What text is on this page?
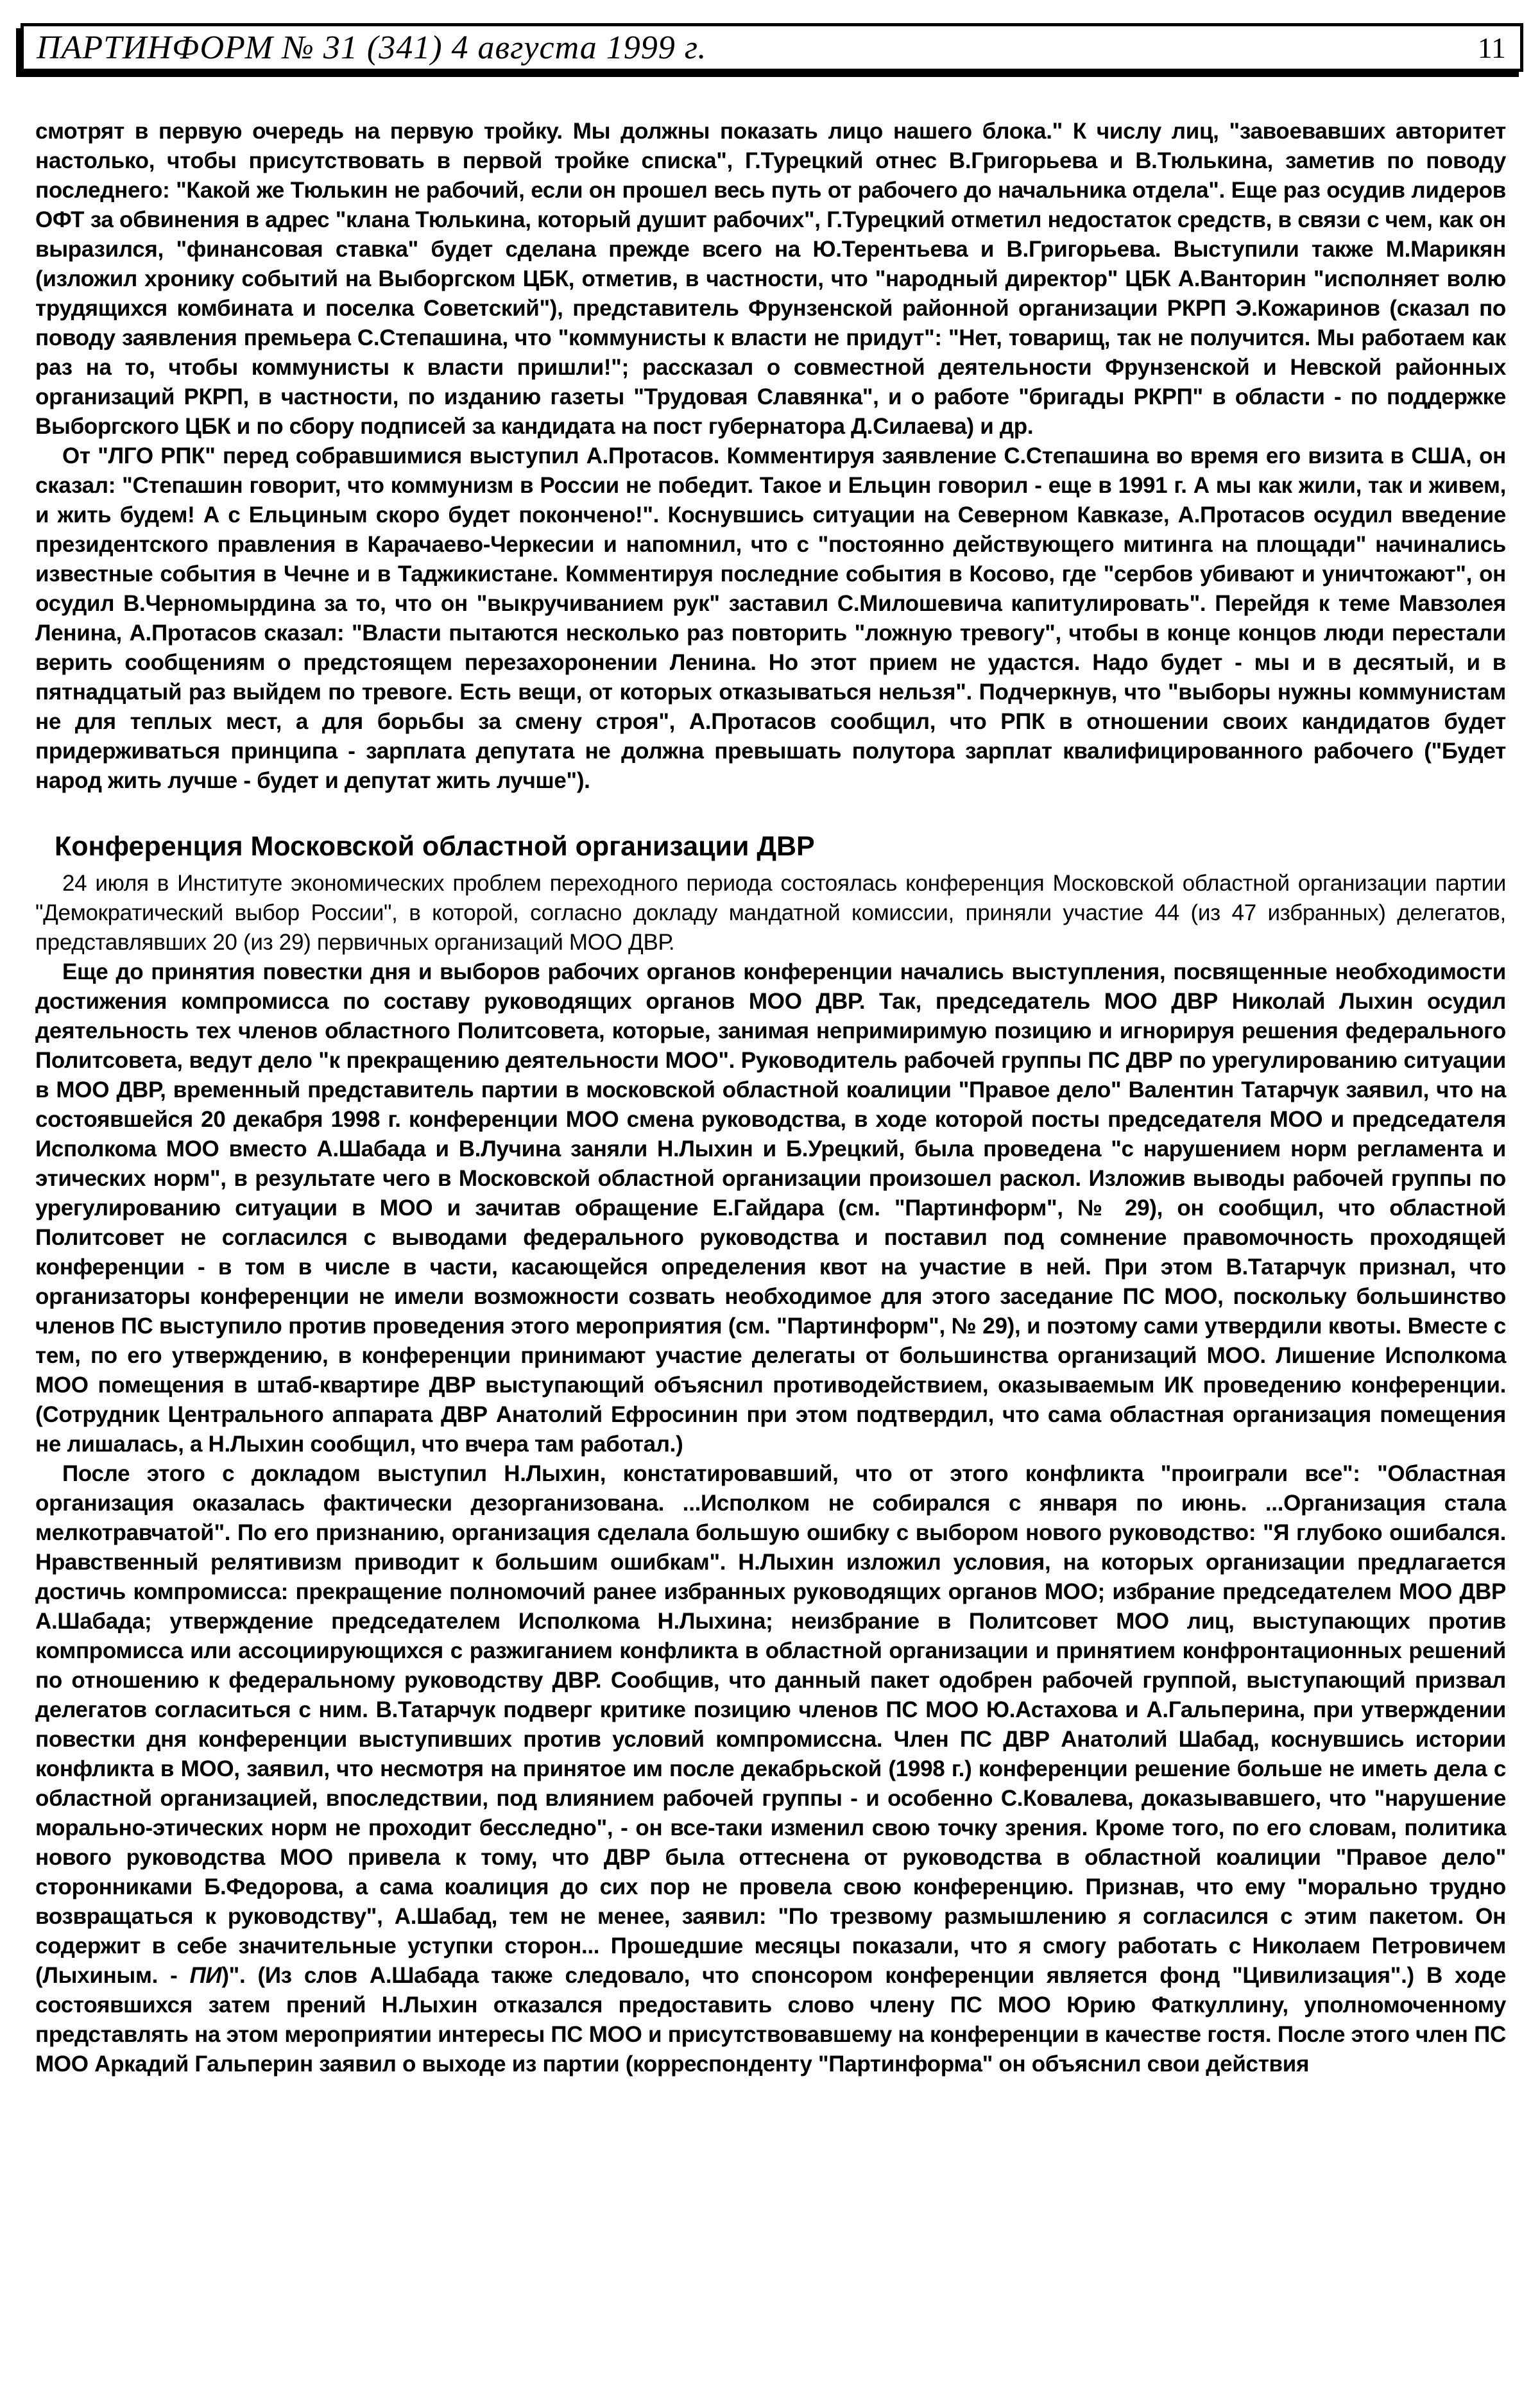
ПАРТИНФОРМ № 31 (341) 4 августа 1999 г.	11

смотрят в первую очередь на первую тройку. Мы должны показать лицо нашего блока." К числу лиц, "завоевавших авторитет настолько, чтобы присутствовать в первой тройке списка", Г.Турецкий отнес В.Григорьева и В.Тюлькина, заметив по поводу последнего: "Какой же Тюлькин не рабочий, если он прошел весь путь от рабочего до начальника отдела". Еще раз осудив лидеров ОФТ за обвинения в адрес "клана Тюлькина, который душит рабочих", Г.Турецкий отметил недостаток средств, в связи с чем, как он выразился, "финансовая ставка" будет сделана прежде всего на Ю.Терентьева и В.Григорьева. Выступили также М.Марикян (изложил хронику событий на Выборгском ЦБК, отметив, в частности, что "народный директор" ЦБК А.Ванторин "исполняет волю трудящихся комбината и поселка Советский"), представитель Фрунзенской районной организации РКРП Э.Кожаринов (сказал по поводу заявления премьера С.Степашина, что "коммунисты к власти не придут": "Нет, товарищ, так не получится. Мы работаем как раз на то, чтобы коммунисты к власти пришли!"; рассказал о совместной деятельности Фрунзенской и Невской районных организаций РКРП, в частности, по изданию газеты "Трудовая Славянка", и о работе "бригады РКРП" в области - по поддержке Выборгского ЦБК и по сбору подписей за кандидата на пост губернатора Д.Силаева) и др.

От "ЛГО РПК" перед собравшимися выступил А.Протасов. Комментируя заявление С.Степашина во время его визита в США, он сказал: "Степашин говорит, что коммунизм в России не победит. Такое и Ельцин говорил - еще в 1991 г. А мы как жили, так и живем, и жить будем! А с Ельциным скоро будет покончено!". Коснувшись ситуации на Северном Кавказе, А.Протасов осудил введение президентского правления в Карачаево-Черкесии и напомнил, что с "постоянно действующего митинга на площади" начинались известные события в Чечне и в Таджикистане. Комментируя последние события в Косово, где "сербов убивают и уничтожают", он осудил В.Черномырдина за то, что он "выкручиванием рук" заставил С.Милошевича капитулировать". Перейдя к теме Мавзолея Ленина, А.Протасов сказал: "Власти пытаются несколько раз повторить "ложную тревогу", чтобы в конце концов люди перестали верить сообщениям о предстоящем перезахоронении Ленина. Но этот прием не удастся. Надо будет - мы и в десятый, и в пятнадцатый раз выйдем по тревоге. Есть вещи, от которых отказываться нельзя". Подчеркнув, что "выборы нужны коммунистам не для теплых мест, а для борьбы за смену строя", А.Протасов сообщил, что РПК в отношении своих кандидатов будет придерживаться принципа - зарплата депутата не должна превышать полутора зарплат квалифицированного рабочего ("Будет народ жить лучше - будет и депутат жить лучше").

Конференция Московской областной организации ДВР

24 июля в Институте экономических проблем переходного периода состоялась конференция Московской областной организации партии "Демократический выбор России", в которой, согласно докладу мандатной комиссии, приняли участие 44 (из 47 избранных) делегатов, представлявших 20 (из 29) первичных организаций МОО ДВР.

Еще до принятия повестки дня и выборов рабочих органов конференции начались выступления, посвященные необходимости достижения компромисса по составу руководящих органов МОО ДВР. Так, председатель МОО ДВР Николай Лыхин осудил деятельность тех членов областного Политсовета, которые, занимая непримиримую позицию и игнорируя решения федерального Политсовета, ведут дело "к прекращению деятельности МОО". Руководитель рабочей группы ПС ДВР по урегулированию ситуации в МОО ДВР, временный представитель партии в московской областной коалиции "Правое дело" Валентин Татарчук заявил, что на состоявшейся 20 декабря 1998 г. конференции МОО смена руководства, в ходе которой посты председателя МОО и председателя Исполкома МОО вместо А.Шабада и В.Лучина заняли Н.Лыхин и Б.Урецкий, была проведена "с нарушением норм регламента и этических норм", в результате чего в Московской областной организации произошел раскол. Изложив выводы рабочей группы по урегулированию ситуации в МОО и зачитав обращение Е.Гайдара (см. "Партинформ", № 29), он сообщил, что областной Политсовет не согласился с выводами федерального руководства и поставил под сомнение правомочность проходящей конференции - в том в числе в части, касающейся определения квот на участие в ней. При этом В.Татарчук признал, что организаторы конференции не имели возможности созвать необходимое для этого заседание ПС МОО, поскольку большинство членов ПС выступило против проведения этого мероприятия (см. "Партинформ", № 29), и поэтому сами утвердили квоты. Вместе с тем, по его утверждению, в конференции принимают участие делегаты от большинства организаций МОО. Лишение Исполкома МОО помещения в штаб-квартире ДВР выступающий объяснил противодействием, оказываемым ИК проведению конференции. (Сотрудник Центрального аппарата ДВР Анатолий Ефросинин при этом подтвердил, что сама областная организация помещения не лишалась, а Н.Лыхин сообщил, что вчера там работал.)

После этого с докладом выступил Н.Лыхин, констатировавший, что от этого конфликта "проиграли все": "Областная организация оказалась фактически дезорганизована. ...Исполком не собирался с января по июнь. ...Организация стала мелкотравчатой". По его признанию, организация сделала большую ошибку с выбором нового руководство: "Я глубоко ошибался. Нравственный релятивизм приводит к большим ошибкам". Н.Лыхин изложил условия, на которых организации предлагается достичь компромисса: прекращение полномочий ранее избранных руководящих органов МОО; избрание председателем МОО ДВР А.Шабада; утверждение председателем Исполкома Н.Лыхина; неизбрание в Политсовет МОО лиц, выступающих против компромисса или ассоциирующихся с разжиганием конфликта в областной организации и принятием конфронтационных решений по отношению к федеральному руководству ДВР. Сообщив, что данный пакет одобрен рабочей группой, выступающий призвал делегатов согласиться с ним. В.Татарчук подверг критике позицию членов ПС МОО Ю.Астахова и А.Гальперина, при утверждении повестки дня конференции выступивших против условий компромиссна. Член ПС ДВР Анатолий Шабад, коснувшись истории конфликта в МОО, заявил, что несмотря на принятое им после декабрьской (1998 г.) конференции решение больше не иметь дела с областной организацией, впоследствии, под влиянием рабочей группы - и особенно С.Ковалева, доказывавшего, что "нарушение морально-этических норм не проходит бесследно", - он все-таки изменил свою точку зрения. Кроме того, по его словам, политика нового руководства МОО привела к тому, что ДВР была оттеснена от руководства в областной коалиции "Правое дело" сторонниками Б.Федорова, а сама коалиция до сих пор не провела свою конференцию. Признав, что ему "морально трудно возвращаться к руководству", А.Шабад, тем не менее, заявил: "По трезвому размышлению я согласился с этим пакетом. Он содержит в себе значительные уступки сторон... Прошедшие месяцы показали, что я смогу работать с Николаем Петровичем (Лыхиным. - ПИ)". (Из слов А.Шабада также следовало, что спонсором конференции является фонд "Цивилизация".) В ходе состоявшихся затем прений Н.Лыхин отказался предоставить слово члену ПС МОО Юрию Фаткуллину, уполномоченному представлять на этом мероприятии интересы ПС МОО и присутствовавшему на конференции в качестве гостя. После этого член ПС МОО Аркадий Гальперин заявил о выходе из партии (корреспонденту "Партинформа" он объяснил свои действия
